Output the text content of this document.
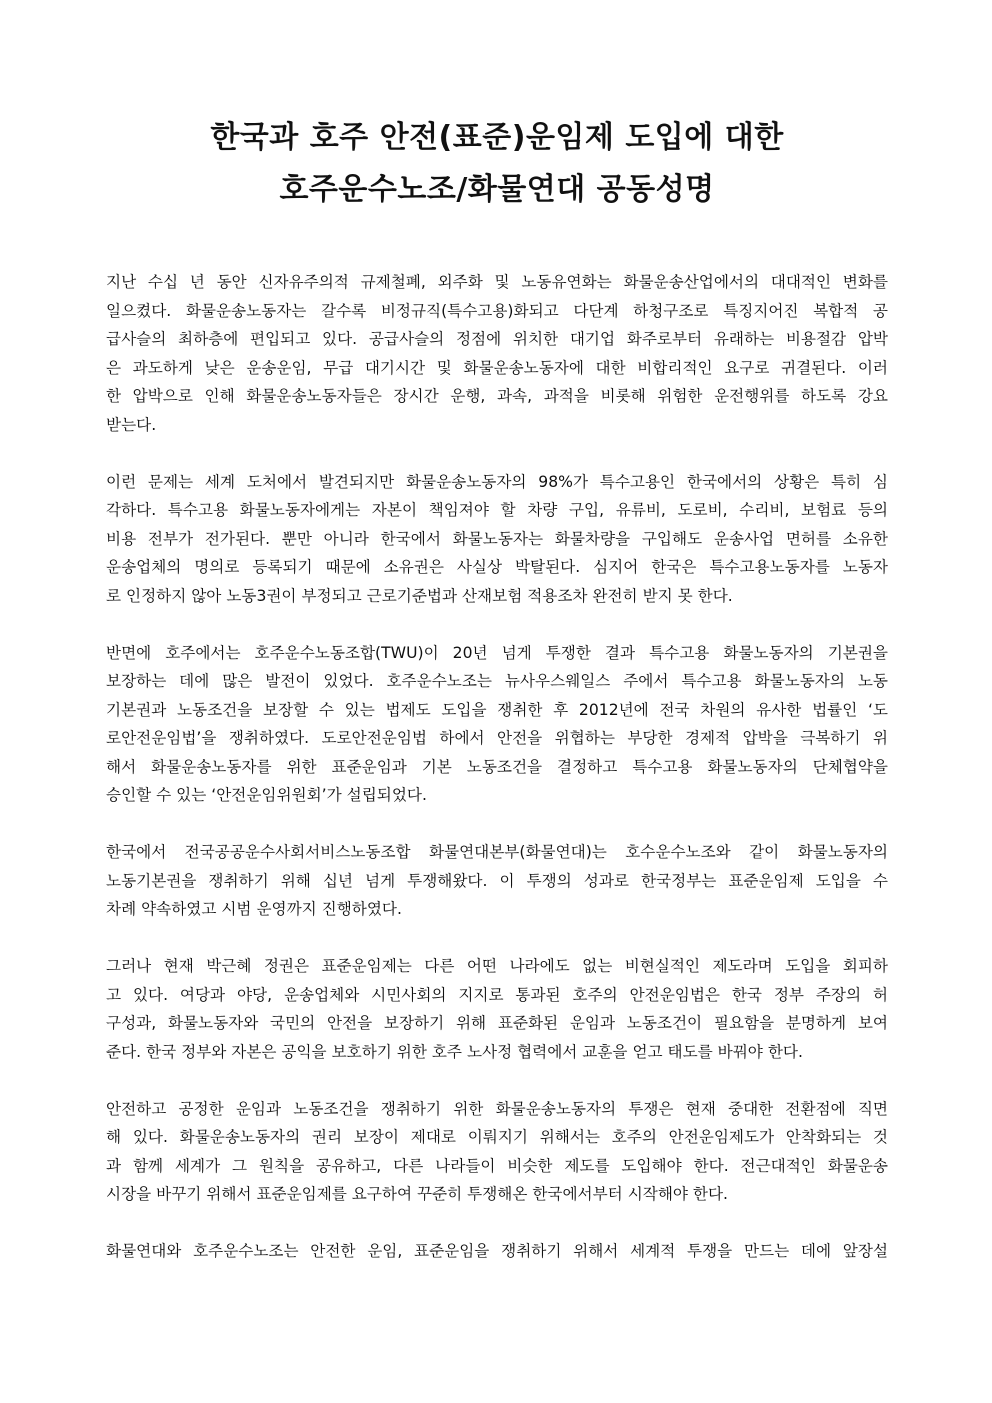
한국과 호주 안전(표준)운임제 도입에 대한
호주운수노조/화물연대 공동성명
지난 수십 년 동안 신자유주의적 규제철폐, 외주화 및 노동유연화는 화물운송산업에서의 대대적인 변화를
일으켰다. 화물운송노동자는 갈수록 비정규직(특수고용)화되고 다단계 하청구조로 특징지어진 복합적 공
급사슬의 최하층에 편입되고 있다. 공급사슬의 정점에 위치한 대기업 화주로부터 유래하는 비용절감 압박
은 과도하게 낮은 운송운임, 무급 대기시간 및 화물운송노동자에 대한 비합리적인 요구로 귀결된다. 이러
한 압박으로 인해 화물운송노동자들은 장시간 운행, 과속, 과적을 비롯해 위험한 운전행위를 하도록 강요
받는다.
이런 문제는 세계 도처에서 발견되지만 화물운송노동자의 98%가 특수고용인 한국에서의 상황은 특히 심
각하다. 특수고용 화물노동자에게는 자본이 책임져야 할 차량 구입, 유류비, 도로비, 수리비, 보험료 등의
비용 전부가 전가된다. 뿐만 아니라 한국에서 화물노동자는 화물차량을 구입해도 운송사업 면허를 소유한
운송업체의 명의로 등록되기 때문에 소유권은 사실상 박탈된다. 심지어 한국은 특수고용노동자를 노동자
로 인정하지 않아 노동3권이 부정되고 근로기준법과 산재보험 적용조차 완전히 받지 못 한다.
반면에 호주에서는 호주운수노동조합(TWU)이 20년 넘게 투쟁한 결과 특수고용 화물노동자의 기본권을
보장하는 데에 많은 발전이 있었다. 호주운수노조는 뉴사우스웨일스 주에서 특수고용 화물노동자의 노동
기본권과 노동조건을 보장할 수 있는 법제도 도입을 쟁취한 후 2012년에 전국 차원의 유사한 법률인 ‘도
로안전운임법’을 쟁취하였다. 도로안전운임법 하에서 안전을 위협하는 부당한 경제적 압박을 극복하기 위
해서 화물운송노동자를 위한 표준운임과 기본 노동조건을 결정하고 특수고용 화물노동자의 단체협약을
승인할 수 있는 ‘안전운임위원회’가 설립되었다.
한국에서 전국공공운수사회서비스노동조합 화물연대본부(화물연대)는 호수운수노조와 같이 화물노동자의
노동기본권을 쟁취하기 위해 십년 넘게 투쟁해왔다. 이 투쟁의 성과로 한국정부는 표준운임제 도입을 수
차례 약속하였고 시범 운영까지 진행하였다.
그러나 현재 박근혜 정권은 표준운임제는 다른 어떤 나라에도 없는 비현실적인 제도라며 도입을 회피하
고 있다. 여당과 야당, 운송업체와 시민사회의 지지로 통과된 호주의 안전운임법은 한국 정부 주장의 허
구성과, 화물노동자와 국민의 안전을 보장하기 위해 표준화된 운임과 노동조건이 필요함을 분명하게 보여
준다. 한국 정부와 자본은 공익을 보호하기 위한 호주 노사정 협력에서 교훈을 얻고 태도를 바꿔야 한다.
안전하고 공정한 운임과 노동조건을 쟁취하기 위한 화물운송노동자의 투쟁은 현재 중대한 전환점에 직면
해 있다. 화물운송노동자의 권리 보장이 제대로 이뤄지기 위해서는 호주의 안전운임제도가 안착화되는 것
과 함께 세계가 그 원칙을 공유하고, 다른 나라들이 비슷한 제도를 도입해야 한다. 전근대적인 화물운송
시장을 바꾸기 위해서 표준운임제를 요구하여 꾸준히 투쟁해온 한국에서부터 시작해야 한다.
화물연대와 호주운수노조는 안전한 운임, 표준운임을 쟁취하기 위해서 세계적 투쟁을 만드는 데에 앞장설
